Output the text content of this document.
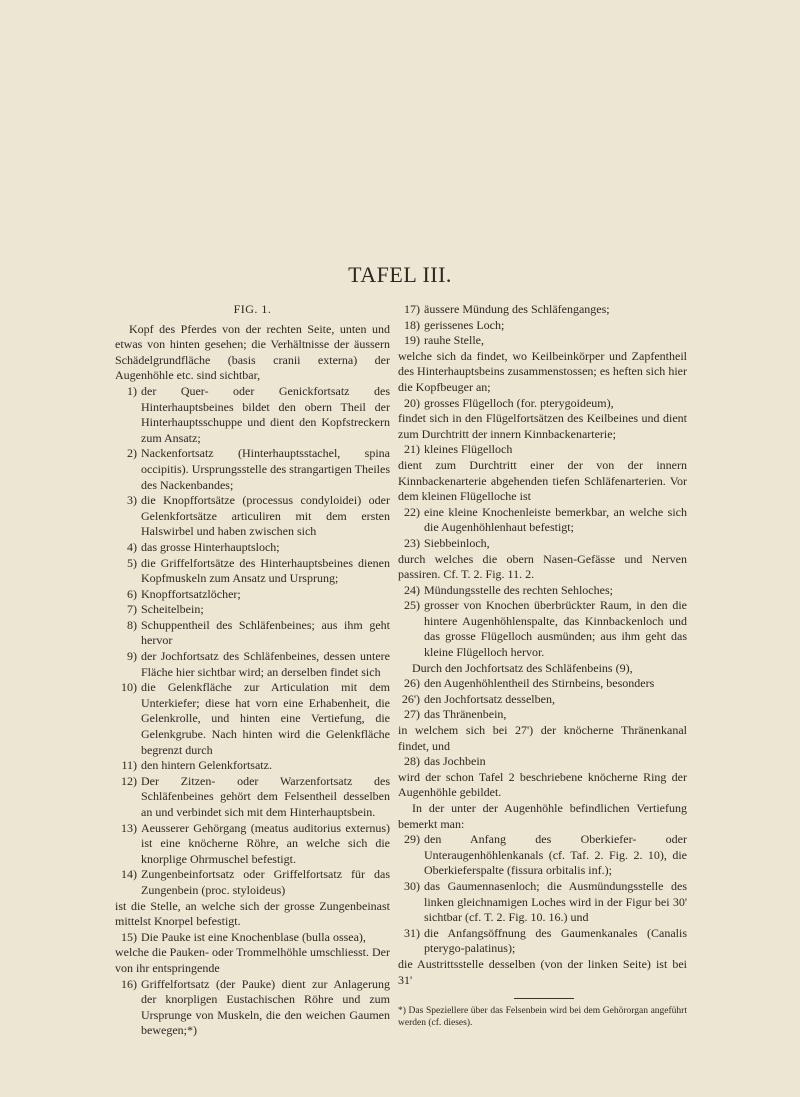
TAFEL III.
FIG. 1.
Kopf des Pferdes von der rechten Seite, unten und etwas von hinten gesehen; die Verhältnisse der äussern Schädelgrundfläche (basis cranii externa) der Augenhöhle etc. sind sichtbar,
1) der Quer- oder Genickfortsatz des Hinterhauptsbeines bildet den obern Theil der Hinterhauptsschuppe und dient den Kopfstreckern zum Ansatz;
2) Nackenfortsatz (Hinterhauptsstachel, spina occipitis). Ursprungsstelle des strangartigen Theiles des Nackenbandes;
3) die Knopffortsätze (processus condyloidei) oder Gelenkfortsätze articuliren mit dem ersten Halswirbel und haben zwischen sich
4) das grosse Hinterhauptsloch;
5) die Griffelfortsätze des Hinterhauptsbeines dienen Kopfmuskeln zum Ansatz und Ursprung;
6) Knopffortsatzlöcher;
7) Scheitelbein;
8) Schuppentheil des Schläfenbeines; aus ihm geht hervor
9) der Jochfortsatz des Schläfenbeines, dessen untere Fläche hier sichtbar wird; an derselben findet sich
10) die Gelenkfläche zur Articulation mit dem Unterkiefer; diese hat vorn eine Erhabenheit, die Gelenkrolle, und hinten eine Vertiefung, die Gelenkgrube. Nach hinten wird die Gelenkfläche begrenzt durch
11) den hintern Gelenkfortsatz.
12) Der Zitzen- oder Warzenfortsatz des Schläfenbeines gehört dem Felsentheil desselben an und verbindet sich mit dem Hinterhauptsbein.
13) Aeusserer Gehörgang (meatus auditorius externus) ist eine knöcherne Röhre, an welche sich die knorplige Ohrmuschel befestigt.
14) Zungenbeinfortsatz oder Griffelfortsatz für das Zungenbein (proc. styloideus)
ist die Stelle, an welche sich der grosse Zungenbeinast mittelst Knorpel befestigt.
15) Die Pauke ist eine Knochenblase (bulla ossea),
welche die Pauken- oder Trommelhöhle umschliesst. Der von ihr entspringende
16) Griffelfortsatz (der Pauke) dient zur Anlagerung der knorpligen Eustachischen Röhre und zum Ursprunge von Muskeln, die den weichen Gaumen bewegen;*)
17) äussere Mündung des Schläfenganges;
18) gerissenes Loch;
19) rauhe Stelle,
welche sich da findet, wo Keilbeinkörper und Zapfentheil des Hinterhauptsbeins zusammenstossen; es heften sich hier die Kopfbeuger an;
20) grosses Flügelloch (for. pterygoideum),
findet sich in den Flügelfortsätzen des Keilbeines und dient zum Durchtritt der innern Kinnbackenarterie;
21) kleines Flügelloch
dient zum Durchtritt einer der von der innern Kinnbackenarterie abgehenden tiefen Schläfenarterien. Vor dem kleinen Flügelloche ist
22) eine kleine Knochenleiste bemerkbar, an welche sich die Augenhöhlenhaut befestigt;
23) Siebbeinloch,
durch welches die obern Nasen-Gefässe und Nerven passiren. Cf. T. 2. Fig. 11. 2.
24) Mündungsstelle des rechten Sehloches;
25) grosser von Knochen überbrückter Raum, in den die hintere Augenhöhlenspalte, das Kinnbackenloch und das grosse Flügelloch ausmünden; aus ihm geht das kleine Flügelloch hervor.
Durch den Jochfortsatz des Schläfenbeins (9),
26) den Augenhöhlentheil des Stirnbeins, besonders
26') den Jochfortsatz desselben,
27) das Thränenbein,
in welchem sich bei 27') der knöcherne Thränenkanal findet, und
28) das Jochbein
wird der schon Tafel 2 beschriebene knöcherne Ring der Augenhöhle gebildet.
In der unter der Augenhöhle befindlichen Vertiefung bemerkt man:
29) den Anfang des Oberkiefer- oder Unteraugenhöhlenkanals (cf. Taf. 2. Fig. 2. 10), die Oberkieferspalte (fissura orbitalis inf.);
30) das Gaumennasenloch; die Ausmündungsstelle des linken gleichnamigen Loches wird in der Figur bei 30' sichtbar (cf. T. 2. Fig. 10. 16.) und
31) die Anfangsöffnung des Gaumenkanales (Canalis pterygo-palatinus);
die Austrittsstelle desselben (von der linken Seite) ist bei 31'
*) Das Speziellere über das Felsenbein wird bei dem Gehörorgan angeführt werden (cf. dieses).
